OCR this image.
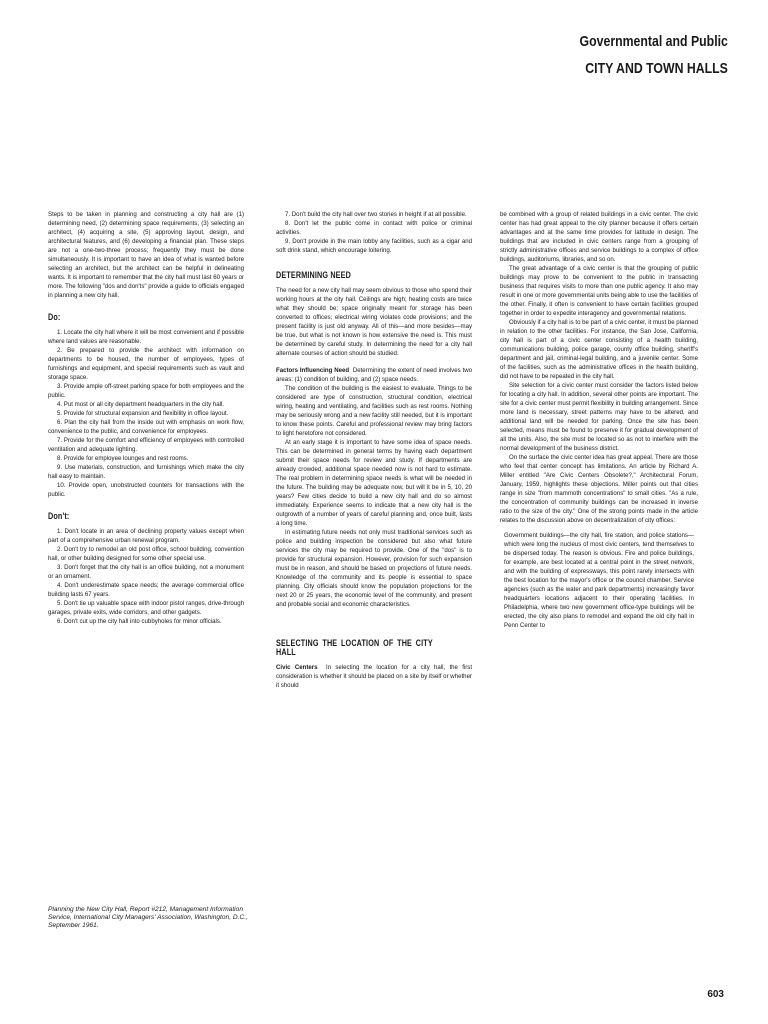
Governmental and Public
CITY AND TOWN HALLS

Steps to be taken in planning and constructing a city hall are (1) determining need, (2) determining space requirements, (3) selecting an architect, (4) acquiring a site, (5) approving layout, design, and architectural features, and (6) developing a financial plan. These steps are not a one-two-three process; frequently they must be done simultaneously. It is important to have an idea of what is wanted before selecting an architect, but the architect can be helpful in delineating wants. It is important to remember that the city hall must last 60 years or more. The following "dos and don'ts" provide a guide to officials engaged in planning a new city hall.

Do:

1. Locate the city hall where it will be most convenient and if possible where land values are reasonable.

2. Be prepared to provide the architect with information on departments to be housed, the number of employees, types of furnishings and equipment, and special requirements such as vault and storage space.

3. Provide ample off-street parking space for both employees and the public.

4. Put most or all city department headquarters in the city hall.

5. Provide for structural expansion and flexibility in office layout.

6. Plan the city hall from the inside out with emphasis on work flow, convenience to the public, and convenience for employees.

7. Provide for the comfort and efficiency of employees with controlled ventilation and adequate lighting.

8. Provide for employee lounges and rest rooms.

9. Use materials, construction, and furnishings which make the city hall easy to maintain.

10. Provide open, unobstructed counters for transactions with the public.

Don't:

1. Don't locate in an area of declining property values except when part of a comprehensive urban renewal program.

2. Don't try to remodel an old post office, school building, convention hall, or other building designed for some other special use.

3. Don't forget that the city hall is an office building, not a monument or an ornament.

4. Don't underestimate space needs; the average commercial office building lasts 67 years.

5. Don't tie up valuable space with indoor pistol ranges, drive-through garages, private exits, wide corridors, and other gadgets.

6. Don't cut up the city hall into cubbyholes for minor officials.

Planning the New City Hall, Report #212, Management Information Service, International City Managers' Association, Washington, D.C., September 1961.

7. Don't build the city hall over two stories in height if at all possible.

8. Don't let the public come in contact with police or criminal activities.

9. Don't provide in the main lobby any facilities, such as a cigar and soft drink stand, which encourage loitering.

DETERMINING NEED

The need for a new city hall may seem obvious to those who spend their working hours at the city hall. Ceilings are high; heating costs are twice what they should be; space originally meant for storage has been converted to offices; electrical wiring violates code provisions; and the present facility is just old anyway. All of this—and more besides—may be true, but what is not known is how extensive the need is. This must be determined by careful study. In determining the need for a city hall alternate courses of action should be studied.

Factors Influencing Need Determining the extent of need involves two areas: (1) condition of building, and (2) space needs.

The condition of the building is the easiest to evaluate. Things to be considered are type of construction, structural condition, electrical wiring, heating and ventilating, and facilities such as rest rooms. Nothing may be seriously wrong and a new facility still needed, but it is important to know these points. Careful and professional review may bring factors to light heretofore not considered.

At an early stage it is important to have some idea of space needs. This can be determined in general terms by having each department submit their space needs for review and study. If departments are already crowded, additional space needed now is not hard to estimate. The real problem in determining space needs is what will be needed in the future. The building may be adequate now, but will it be in 5, 10, 20 years? Few cities decide to build a new city hall and do so almost immediately. Experience seems to indicate that a new city hall is the outgrowth of a number of years of careful planning and, once built, lasts a long time.

In estimating future needs not only must traditional services such as police and building inspection be considered but also what future services the city may be required to provide. One of the "dos" is to provide for structural expansion. However, provision for such expansion must be in reason, and should be based on projections of future needs. Knowledge of the community and its people is essential to space planning. City officials should know the population projections for the next 20 or 25 years, the economic level of the community, and present and probable social and economic characteristics.

SELECTING THE LOCATION OF THE CITY HALL

Civic Centers In selecting the location for a city hall, the first consideration is whether it should be placed on a site by itself or whether it should

be combined with a group of related buildings in a civic center. The civic center has had great appeal to the city planner because it offers certain advantages and at the same time provides for latitude in design. The buildings that are included in civic centers range from a grouping of strictly administrative offices and service buildings to a complex of office buildings, auditoriums, libraries, and so on.

The great advantage of a civic center is that the grouping of public buildings may prove to be convenient to the public in transacting business that requires visits to more than one public agency. It also may result in one or more governmental units being able to use the facilities of the other. Finally, it often is convenient to have certain facilities grouped together in order to expedite interagency and governmental relations.

Obviously if a city hall is to be part of a civic center, it must be planned in relation to the other facilities. For instance, the San Jose, California, city hall is part of a civic center consisting of a health building, communications building, police garage, county office building, sheriff's department and jail, criminal-legal building, and a juvenile center. Some of the facilities, such as the administrative offices in the health building, did not have to be repeated in the city hall.

Site selection for a civic center must consider the factors listed below for locating a city hall. In addition, several other points are important. The site for a civic center must permit flexibility in building arrangement. Since more land is necessary, street patterns may have to be altered, and additional land will be needed for parking. Once the site has been selected, means must be found to preserve it for gradual development of all the units. Also, the site must be located so as not to interfere with the normal development of the business district.

On the surface the civic center idea has great appeal. There are those who feel that center concept has limitations. An article by Richard A. Miller entitled "Are Civic Centers Obsolete?," Architectural Forum, January, 1959, highlights these objections. Miller points out that cities range in size "from mammoth concentrations" to small cities. "As a rule, the concentration of community buildings can be increased in inverse ratio to the size of the city." One of the strong points made in the article relates to the discussion above on decentralization of city offices:

Government buildings—the city hall, fire station, and police stations—which were long the nucleus of most civic centers, tend themselves to be dispersed today. The reason is obvious. Fire and police buildings, for example, are best located at a central point in the street network, and with the building of expressways, this point rarely intersects with the best location for the mayor's office or the council chamber. Service agencies (such as the water and park departments) increasingly favor headquarters locations adjacent to their operating facilities. In Philadelphia, where two new government office-type buildings will be erected, the city also plans to remodel and expand the old city hall in Penn Center to

603
